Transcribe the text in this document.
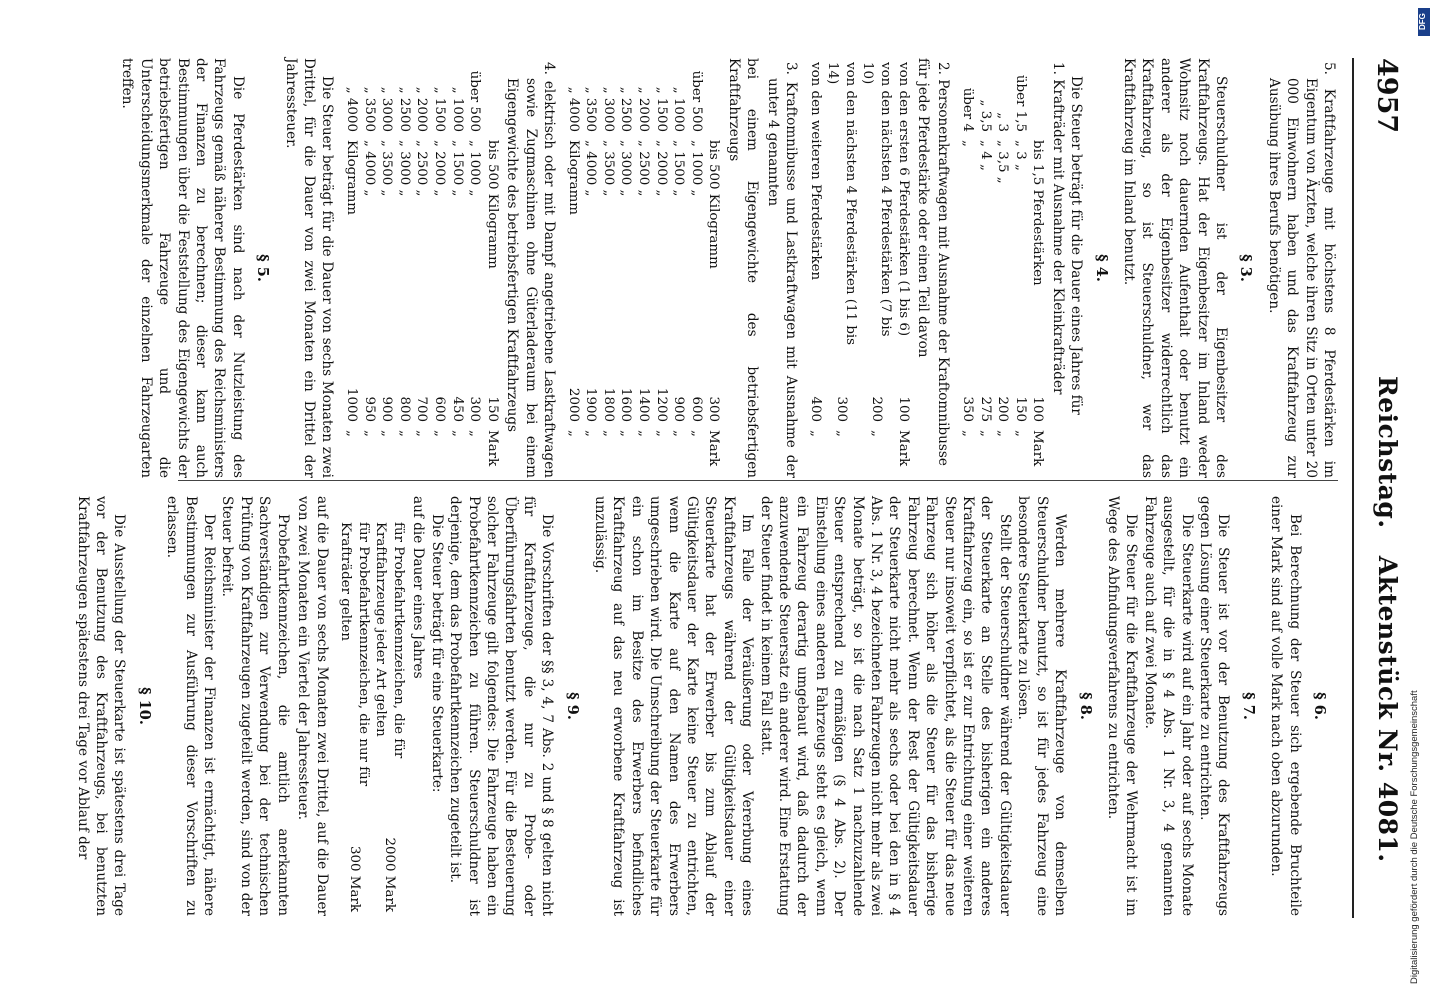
4957
Reichstag. Aktenstück Nr. 4081.

5. Kraftfahrzeuge mit höchstens 8 Pferdestärken im Eigentum von Ärzten, welche ihren Sitz in Orten unter 20 000 Einwohnern haben und das Kraftfahrzeug zur Ausübung ihres Berufs benötigen.

§ 3.

Steuerschuldner ist der Eigenbesitzer des Kraftfahrzeugs. Hat der Eigenbesitzer im Inland weder Wohnsitz noch dauernden Aufenthalt oder benutzt ein anderer als der Eigenbesitzer widerrechtlich das Kraftfahrzeug, so ist Steuerschuldner, wer das Kraftfahrzeug im Inland benutzt.

§ 4.

Die Steuer beträgt für die Dauer eines Jahres für

1. Krafträder mit Ausnahme der Kleinkrafträder

	bis 1,5 Pferdestärken	100	Mark
über 1,5	„ 3 „	150	„
„ 3	„ 3,5 „	200	„
„ 3,5	„ 4 „	275	„
über 4	„	350	„

2. Personenkraftwagen mit Ausnahme der Kraftomnibusse

für jede Pferdestärke oder einen Teil davon

von den ersten 6 Pferdestärken (1 bis 6)	100	Mark
von den nächsten 4 Pferdestärken (7 bis 10)	200	„
von den nächsten 4 Pferdestärken (11 bis 14)	300	„
von den weiteren Pferdestärken	400	„

3. Kraftomnibusse und Lastkraftwagen mit Ausnahme der unter 4 genannten

bei einem Eigengewichte des betriebsfertigen Kraftfahrzeugs

	bis 500 Kilogramm	300	Mark
über 500	„ 1000 „	600	„
„ 1000	„ 1500 „	900	„
„ 1500	„ 2000 „	1200	„
„ 2000	„ 2500 „	1400	„
„ 2500	„ 3000 „	1600	„
„ 3000	„ 3500 „	1800	„
„ 3500	„ 4000 „	1900	„
„ 4000	Kilogramm	2000	„

4. elektrisch oder mit Dampf angetriebene Lastkraftwagen sowie Zugmaschinen ohne Güterladeraum bei einem Eigengewichte des betriebsfertigen Kraftfahrzeugs

	bis 500 Kilogramm	150	Mark
über 500	„ 1000 „	300	„
„ 1000	„ 1500 „	450	„
„ 1500	„ 2000 „	600	„
„ 2000	„ 2500 „	700	„
„ 2500	„ 3000 „	800	„
„ 3000	„ 3500 „	900	„
„ 3500	„ 4000 „	950	„
„ 4000	Kilogramm	1000	„

Die Steuer beträgt für die Dauer von sechs Monaten zwei Drittel, für die Dauer von zwei Monaten ein Drittel der Jahressteuer.

§ 5.

Die Pferdestärken sind nach der Nutzleistung des Fahrzeugs gemäß näherer Bestimmung des Reichsministers der Finanzen zu berechnen; dieser kann auch Bestimmungen über die Feststellung des Eigengewichts der betriebsfertigen Fahrzeuge und die Unterscheidungsmerkmale der einzelnen Fahrzeugarten treffen.

§ 6.

Bei Berechnung der Steuer sich ergebende Bruchteile einer Mark sind auf volle Mark nach oben abzurunden.

§ 7.

Die Steuer ist vor der Benutzung des Kraftfahrzeugs gegen Lösung einer Steuerkarte zu entrichten.

Die Steuerkarte wird auf ein Jahr oder auf sechs Monate ausgestellt, für die in § 4 Abs. 1 Nr. 3, 4 genannten Fahrzeuge auch auf zwei Monate.

Die Steuer für die Kraftfahrzeuge der Wehrmacht ist im Wege des Abfindungsverfahrens zu entrichten.

§ 8.

Werden mehrere Kraftfahrzeuge von demselben Steuerschuldner benutzt, so ist für jedes Fahrzeug eine besondere Steuerkarte zu lösen.

Stellt der Steuerschuldner während der Gültigkeitsdauer der Steuerkarte an Stelle des bisherigen ein anderes Kraftfahrzeug ein, so ist er zur Entrichtung einer weiteren Steuer nur insoweit verpflichtet, als die Steuer für das neue Fahrzeug sich höher als die Steuer für das bisherige Fahrzeug berechnet. Wenn der Rest der Gültigkeitsdauer der Steuerkarte nicht mehr als sechs oder bei den in § 4 Abs. 1 Nr. 3, 4 bezeichneten Fahrzeugen nicht mehr als zwei Monate beträgt, so ist die nach Satz 1 nachzuzahlende Steuer entsprechend zu ermäßigen (§ 4 Abs. 2). Der Einstellung eines anderen Fahrzeugs steht es gleich, wenn ein Fahrzeug derartig umgebaut wird, daß dadurch der anzuwendende Steuersatz ein anderer wird. Eine Erstattung der Steuer findet in keinem Fall statt.

Im Falle der Veräußerung oder Vererbung eines Kraftfahrzeugs während der Gültigkeitsdauer einer Steuerkarte hat der Erwerber bis zum Ablauf der Gültigkeitsdauer der Karte keine Steuer zu entrichten, wenn die Karte auf den Namen des Erwerbers umgeschrieben wird. Die Umschreibung der Steuerkarte für ein schon im Besitze des Erwerbers befindliches Kraftfahrzeug auf das neu erworbene Kraftfahrzeug ist unzulässig.

§ 9.

Die Vorschriften der §§ 3, 4, 7 Abs. 2 und § 8 gelten nicht für Kraftfahrzeuge, die nur zu Probe- oder Überführungsfahrten benutzt werden. Für die Besteuerung solcher Fahrzeuge gilt folgendes: Die Fahrzeuge haben ein Probefahrtkennzeichen zu führen. Steuerschuldner ist derjenige, dem das Probefahrtkennzeichen zugeteilt ist.

Die Steuer beträgt für eine Steuerkarte:

auf die Dauer eines Jahres

für Probefahrtkennzeichen, die für Kraftfahrzeuge jeder Art gelten	2000 Mark
für Probefahrtkennzeichen, die nur für Krafträder gelten	300 Mark

auf die Dauer von sechs Monaten zwei Drittel, auf die Dauer von zwei Monaten ein Viertel der Jahressteuer.

Probefahrtkennzeichen, die amtlich anerkannten Sachverständigen zur Verwendung bei der technischen Prüfung von Kraftfahrzeugen zugeteilt werden, sind von der Steuer befreit.

Der Reichsminister der Finanzen ist ermächtigt, nähere Bestimmungen zur Ausführung dieser Vorschriften zu erlassen.

§ 10.

Die Ausstellung der Steuerkarte ist spätestens drei Tage vor der Benutzung des Kraftfahrzeugs, bei benutzten Kraftfahrzeugen spätestens drei Tage vor Ablauf der

DFG
Digitalisierung gefördert durch die Deutsche Forschungsgemeinschaft
